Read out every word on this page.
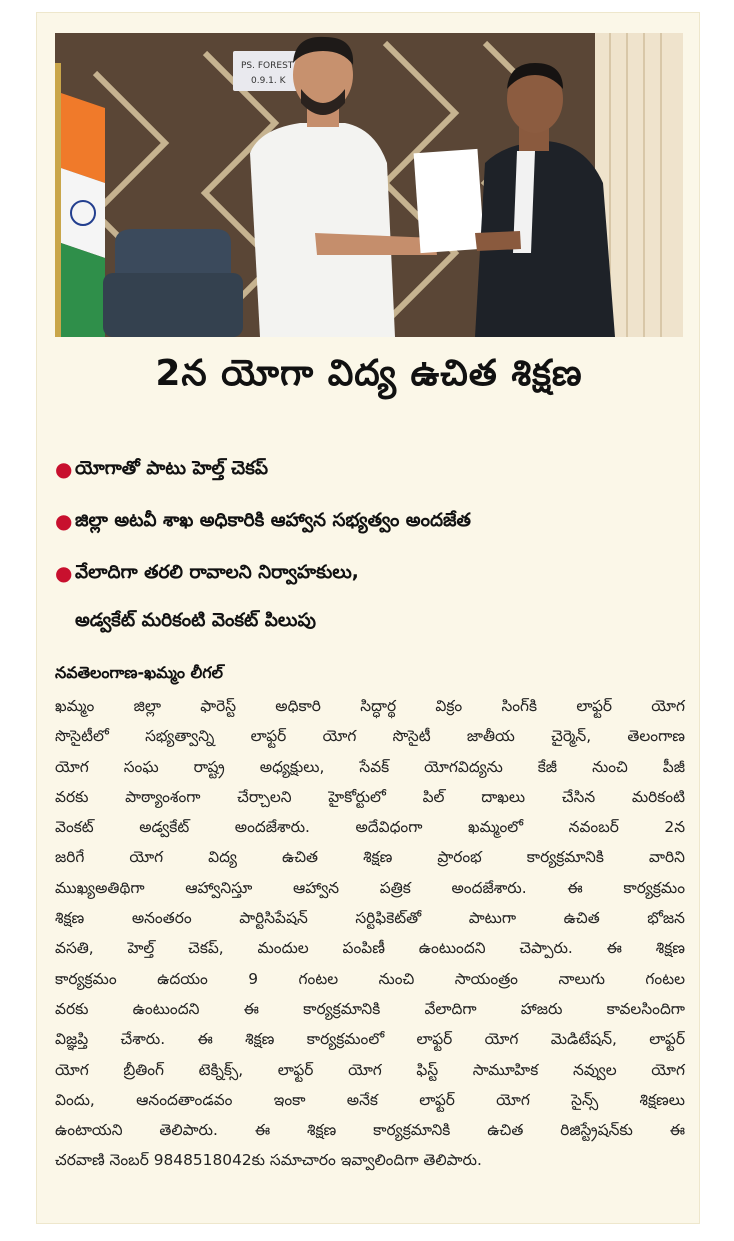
PS. FOREST
0.9.1. K
2న యోగా విద్య ఉచిత శిక్షణ
● యోగాతో పాటు హెల్త్ చెకప్
● జిల్లా అటవీ శాఖ అధికారికి ఆహ్వాన సభ్యత్వం అందజేత
● వేలాదిగా తరలి రావాలని నిర్వాహకులు,
అడ్వకేట్ మరికంటి వెంకట్ పిలుపు
నవతెలంగాణ-ఖమ్మం లీగల్
ఖమ్మం జిల్లా ఫారెస్ట్ అధికారి సిద్ధార్థ విక్రం సింగ్‌కి లాఫ్టర్ యోగ
సొసైటీలో సభ్యత్వాన్ని లాఫ్టర్ యోగ సొసైటీ జాతీయ చైర్మెన్, తెలంగాణ
యోగ సంఘ రాష్ట్ర అధ్యక్షులు, సేవక్ యోగవిద్యను కేజీ నుంచి పీజీ
వరకు పాఠ్యాంశంగా చేర్చాలని హైకోర్టులో పిల్ దాఖలు చేసిన మరికంటి
వెంకట్ అడ్వకేట్ అందజేశారు. అదేవిధంగా ఖమ్మంలో నవంబర్ 2న
జరిగే యోగ విద్య ఉచిత శిక్షణ ప్రారంభ కార్యక్రమానికి వారిని
ముఖ్యఅతిథిగా ఆహ్వానిస్తూ ఆహ్వాన పత్రిక అందజేశారు. ఈ కార్యక్రమం
శిక్షణ అనంతరం పార్టిసిపేషన్ సర్టిఫికెట్‌తో పాటుగా ఉచిత భోజన
వసతి, హెల్త్ చెకప్, మందుల పంపిణీ ఉంటుందని చెప్పారు. ఈ శిక్షణ
కార్యక్రమం ఉదయం 9 గంటల నుంచి సాయంత్రం నాలుగు గంటల
వరకు ఉంటుందని ఈ కార్యక్రమానికి వేలాదిగా హాజరు కావలసిందిగా
విజ్ఞప్తి చేశారు. ఈ శిక్షణ కార్యక్రమంలో లాఫ్టర్ యోగ మెడిటేషన్, లాఫ్టర్
యోగ బ్రీతింగ్ టెక్నిక్స్, లాఫ్టర్ యోగ ఫిస్ట్ సామూహిక నవ్వుల యోగ
విందు, ఆనందతాండవం ఇంకా అనేక లాఫ్టర్ యోగ సైన్స్ శిక్షణలు
ఉంటాయని తెలిపారు. ఈ శిక్షణ కార్యక్రమానికి ఉచిత రిజిస్ట్రేషన్‌కు ఈ
చరవాణి నెంబర్ 9848518042కు సమాచారం ఇవ్వాలిందిగా తెలిపారు.
